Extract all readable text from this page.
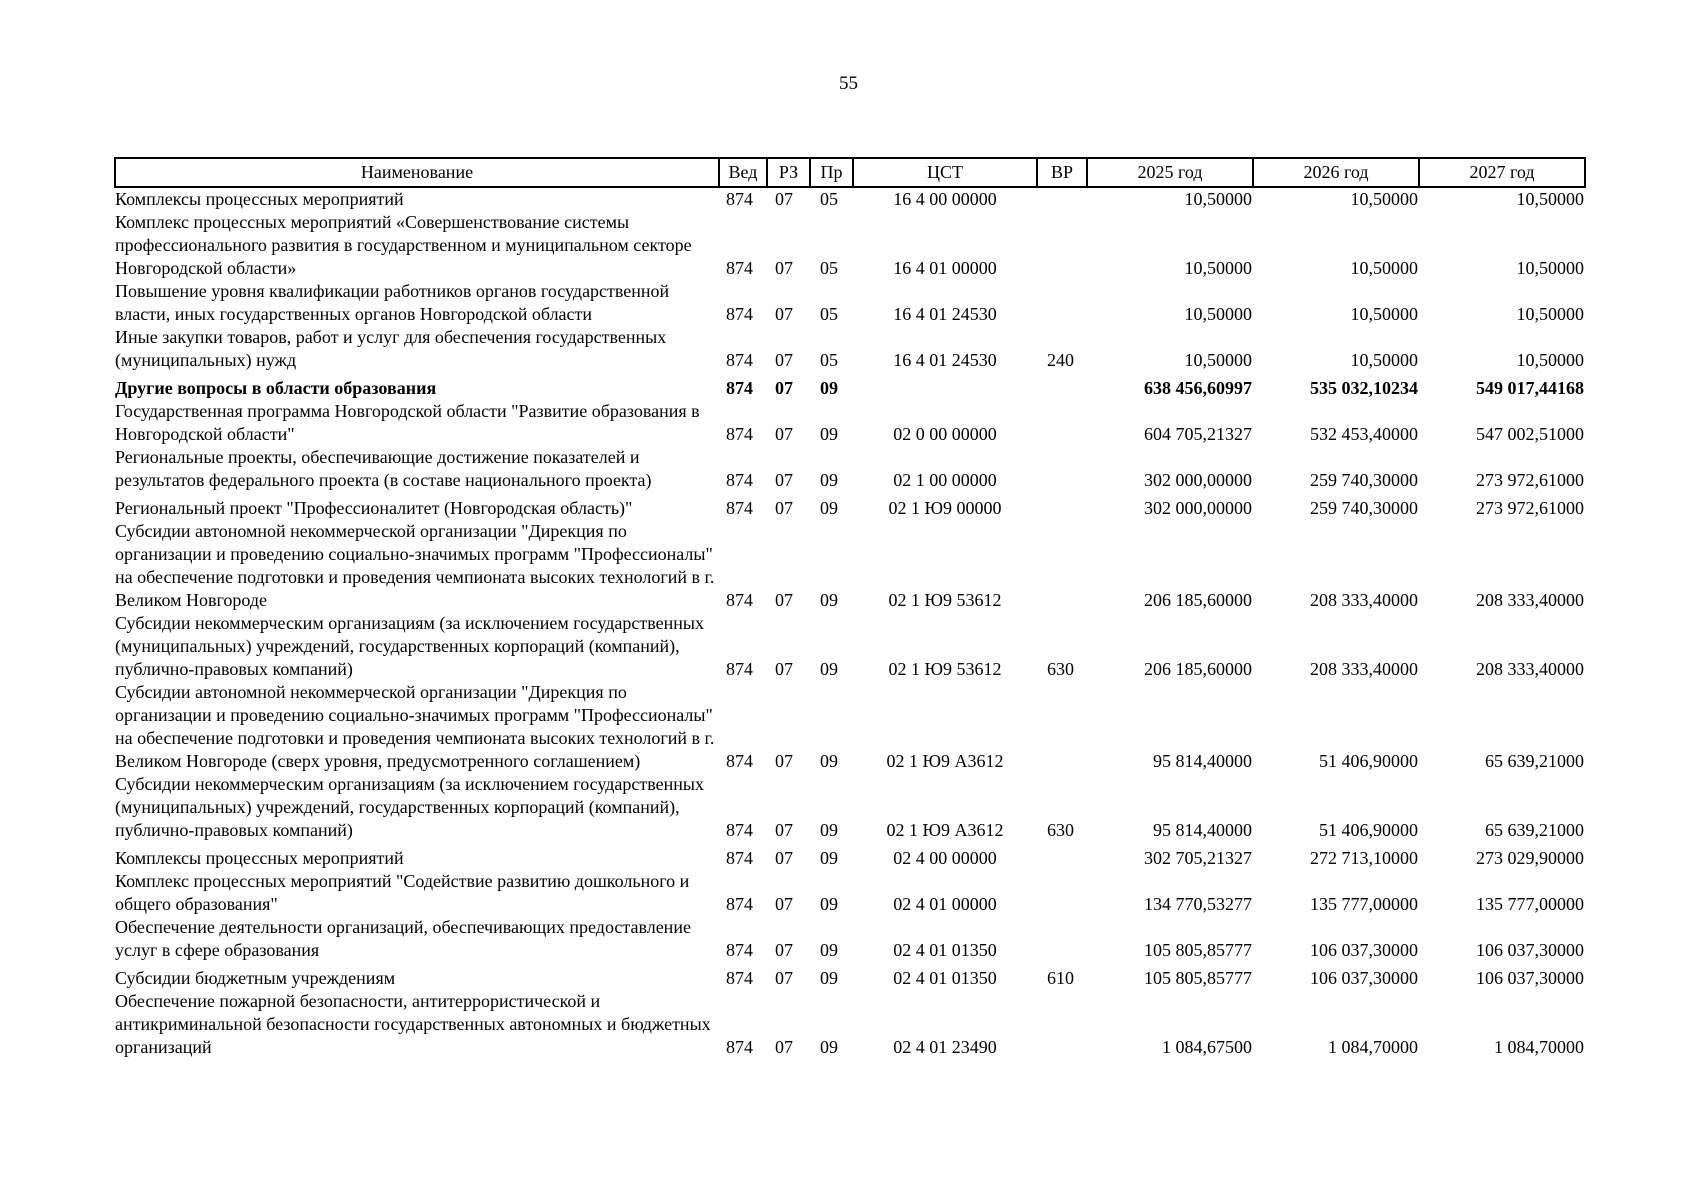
55
Наименование	Вед	РЗ	Пр	ЦСТ	ВР	2025 год	2026 год	2027 год
Комплексы процессных мероприятий	874	07	05	16 4 00 00000		10,50000	10,50000	10,50000
Комплекс процессных мероприятий «Совершенствование системы профессионального развития в государственном и муниципальном секторе Новгородской области»	874	07	05	16 4 01 00000		10,50000	10,50000	10,50000
Повышение уровня квалификации работников органов государственной власти, иных государственных органов Новгородской области	874	07	05	16 4 01 24530		10,50000	10,50000	10,50000
Иные закупки товаров, работ и услуг для обеспечения государственных (муниципальных) нужд	874	07	05	16 4 01 24530	240	10,50000	10,50000	10,50000
Другие вопросы в области образования	874	07	09			638 456,60997	535 032,10234	549 017,44168
Государственная программа Новгородской области "Развитие образования в Новгородской области"	874	07	09	02 0 00 00000		604 705,21327	532 453,40000	547 002,51000
Региональные проекты, обеспечивающие достижение показателей и результатов федерального проекта (в составе национального проекта)	874	07	09	02 1 00 00000		302 000,00000	259 740,30000	273 972,61000
Региональный проект "Профессионалитет (Новгородская область)"	874	07	09	02 1 Ю9 00000		302 000,00000	259 740,30000	273 972,61000
Субсидии автономной некоммерческой организации "Дирекция по организации и проведению социально-значимых программ "Профессионалы" на обеспечение подготовки и проведения чемпионата высоких технологий в г. Великом Новгороде	874	07	09	02 1 Ю9 53612		206 185,60000	208 333,40000	208 333,40000
Субсидии некоммерческим организациям (за исключением государственных (муниципальных) учреждений, государственных корпораций (компаний), публично-правовых компаний)	874	07	09	02 1 Ю9 53612	630	206 185,60000	208 333,40000	208 333,40000
Субсидии автономной некоммерческой организации "Дирекция по организации и проведению социально-значимых программ "Профессионалы" на обеспечение подготовки и проведения чемпионата высоких технологий в г. Великом Новгороде (сверх уровня, предусмотренного соглашением)	874	07	09	02 1 Ю9 А3612		95 814,40000	51 406,90000	65 639,21000
Субсидии некоммерческим организациям (за исключением государственных (муниципальных) учреждений, государственных корпораций (компаний), публично-правовых компаний)	874	07	09	02 1 Ю9 А3612	630	95 814,40000	51 406,90000	65 639,21000
Комплексы процессных мероприятий	874	07	09	02 4 00 00000		302 705,21327	272 713,10000	273 029,90000
Комплекс процессных мероприятий "Содействие развитию дошкольного и общего образования"	874	07	09	02 4 01 00000		134 770,53277	135 777,00000	135 777,00000
Обеспечение деятельности организаций, обеспечивающих предоставление услуг в сфере образования	874	07	09	02 4 01 01350		105 805,85777	106 037,30000	106 037,30000
Субсидии бюджетным учреждениям	874	07	09	02 4 01 01350	610	105 805,85777	106 037,30000	106 037,30000
Обеспечение пожарной безопасности, антитеррористической и антикриминальной безопасности государственных автономных и бюджетных организаций	874	07	09	02 4 01 23490		1 084,67500	1 084,70000	1 084,70000
